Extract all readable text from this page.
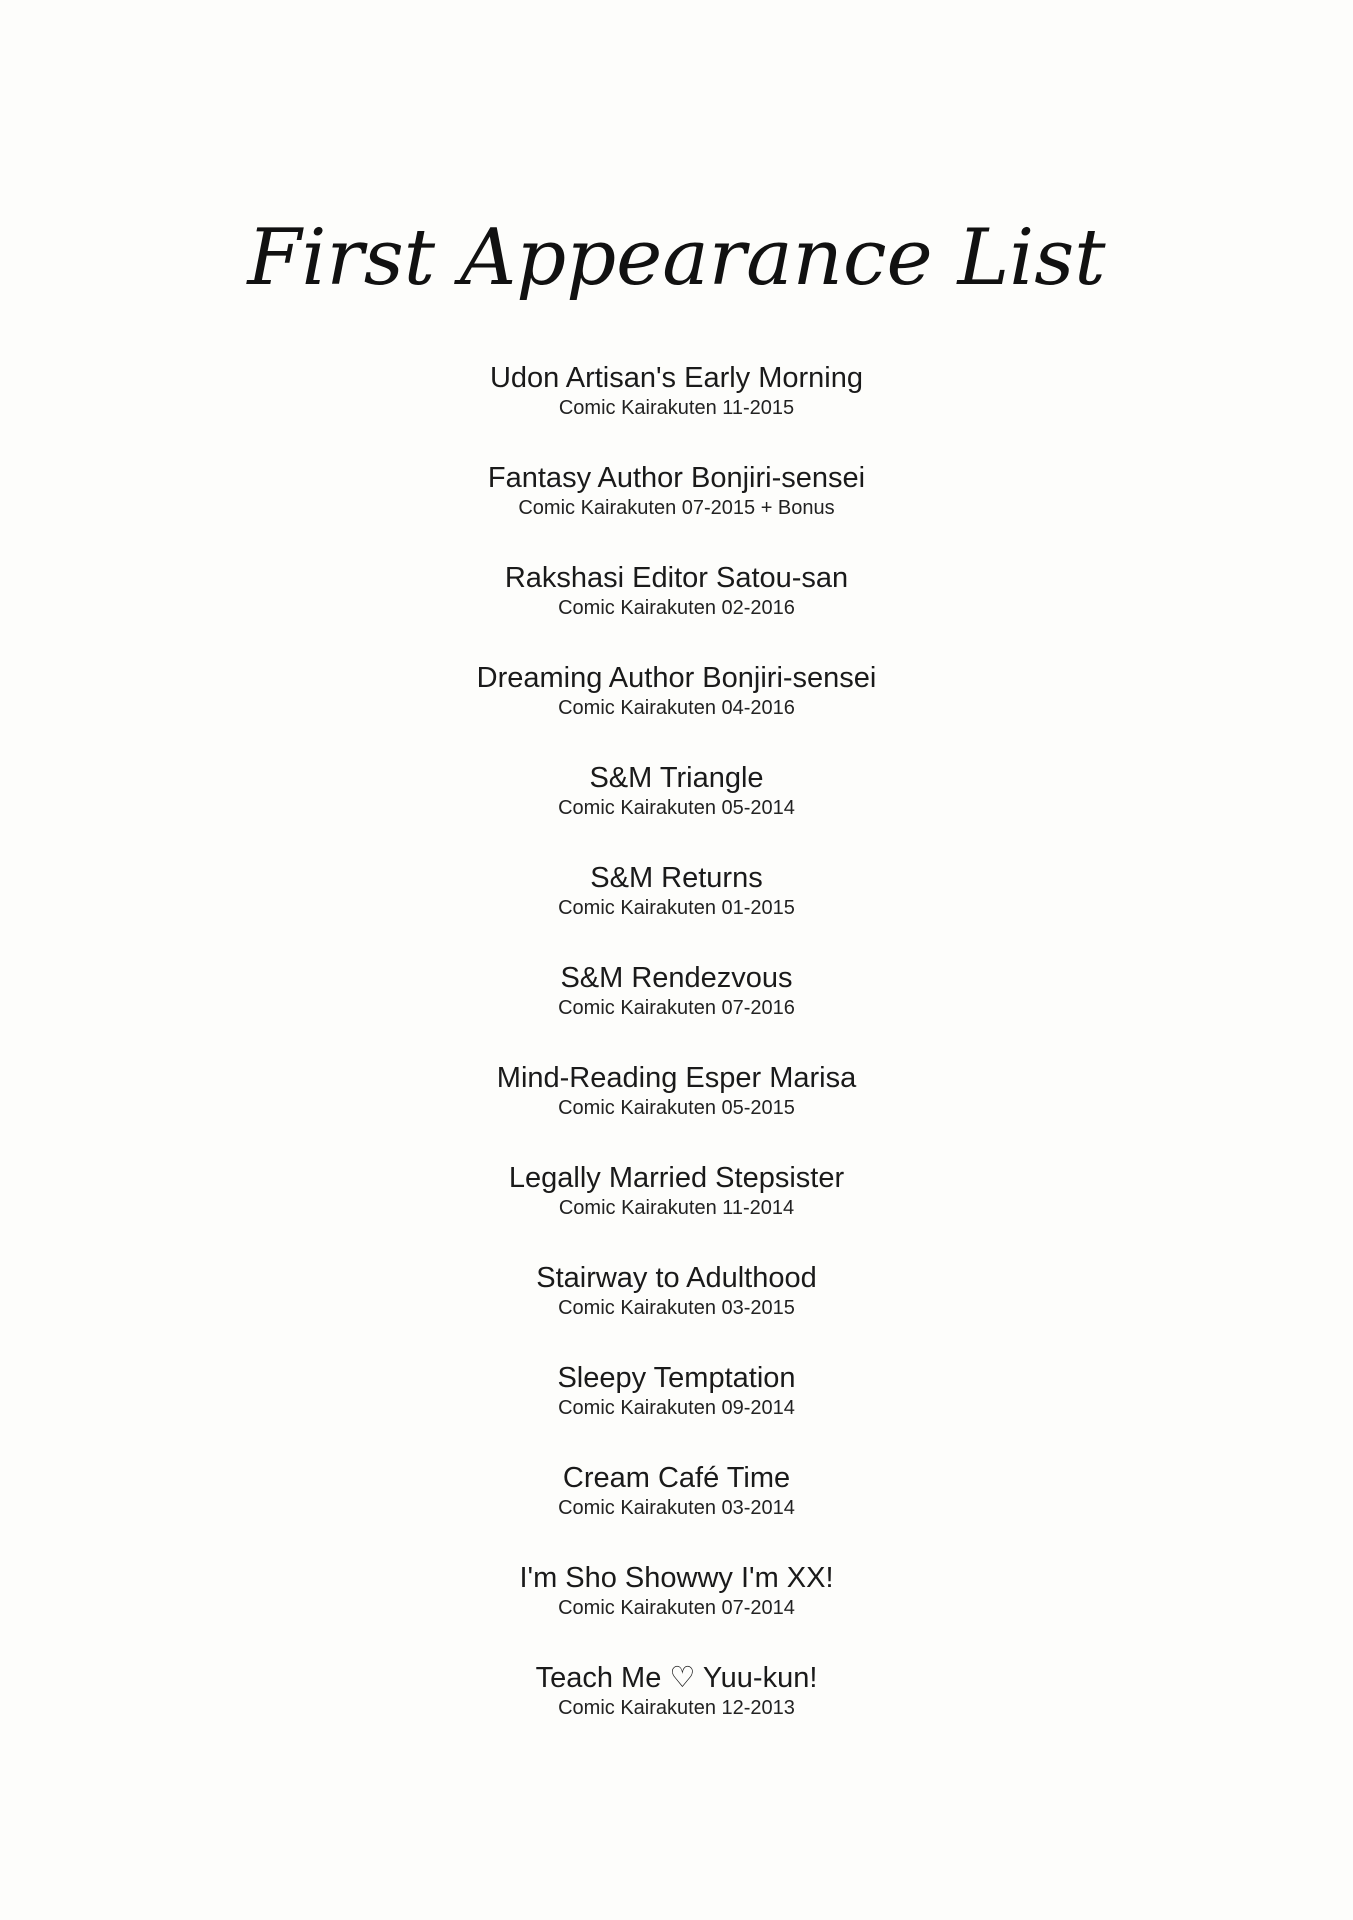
First Appearance List
Udon Artisan's Early Morning
Comic Kairakuten 11-2015
Fantasy Author Bonjiri-sensei
Comic Kairakuten 07-2015 + Bonus
Rakshasi Editor Satou-san
Comic Kairakuten 02-2016
Dreaming Author Bonjiri-sensei
Comic Kairakuten 04-2016
S&M Triangle
Comic Kairakuten 05-2014
S&M Returns
Comic Kairakuten 01-2015
S&M Rendezvous
Comic Kairakuten 07-2016
Mind-Reading Esper Marisa
Comic Kairakuten 05-2015
Legally Married Stepsister
Comic Kairakuten 11-2014
Stairway to Adulthood
Comic Kairakuten 03-2015
Sleepy Temptation
Comic Kairakuten 09-2014
Cream Café Time
Comic Kairakuten 03-2014
I'm Sho Showwy I'm XX!
Comic Kairakuten 07-2014
Teach Me ♡ Yuu-kun!
Comic Kairakuten 12-2013
